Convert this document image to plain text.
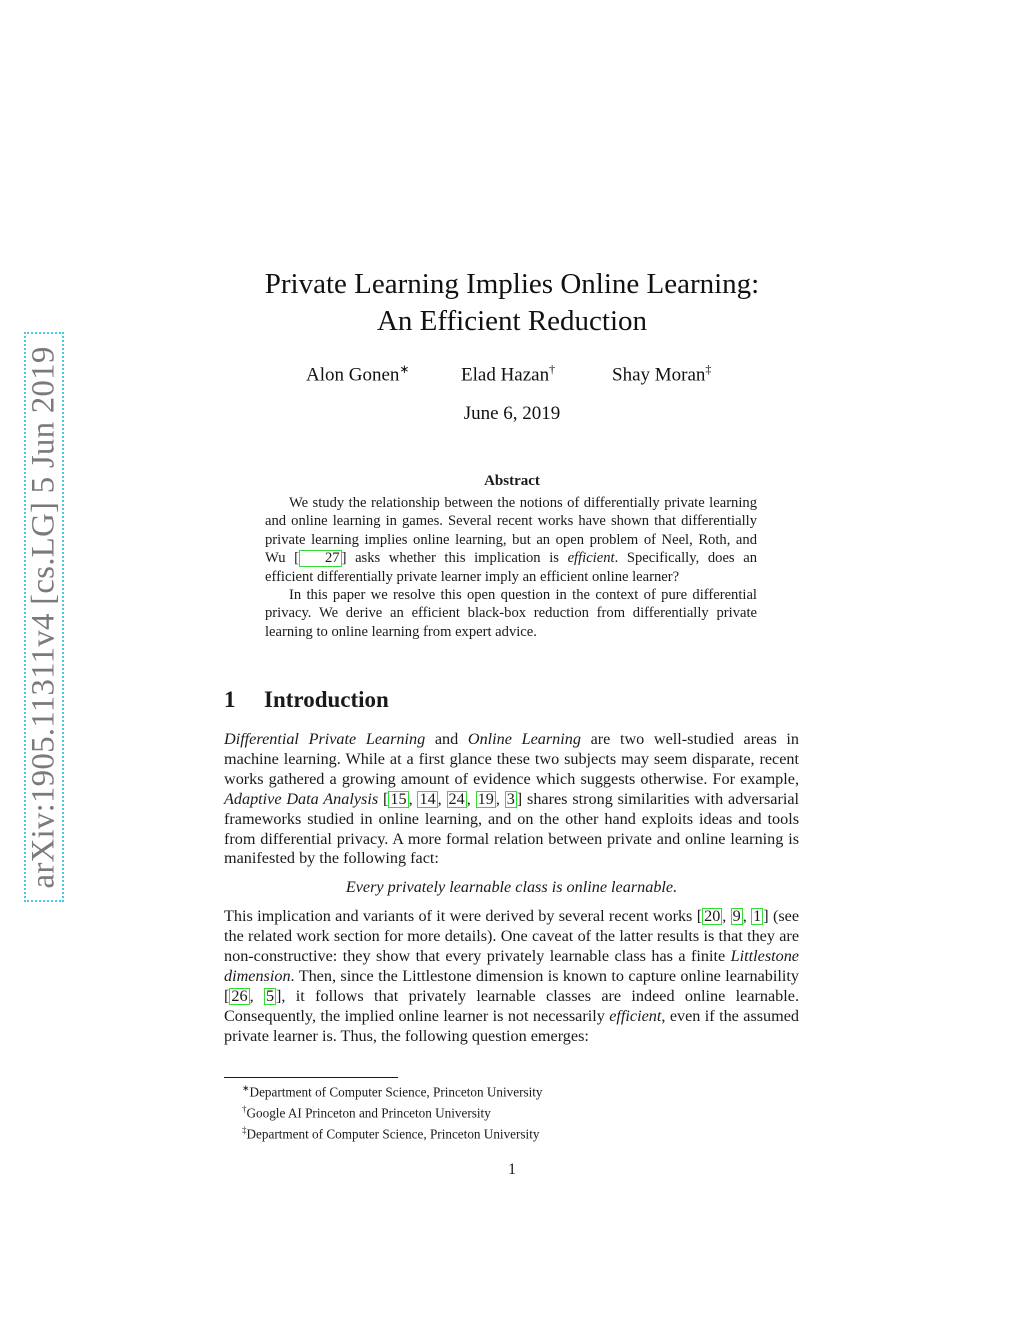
arXiv:1905.11311v4 [cs.LG] 5 Jun 2019
Private Learning Implies Online Learning:
An Efficient Reduction
Alon Gonen∗	Elad Hazan†	Shay Moran‡
June 6, 2019
Abstract

We study the relationship between the notions of differentially private learning and online learning in games. Several recent works have shown that differentially private learning implies online learning, but an open problem of Neel, Roth, and Wu [ 27 ] asks whether this implication is efficient. Specifically, does an efficient differentially private learner imply an efficient online learner?

In this paper we resolve this open question in the context of pure differential privacy. We derive an efficient black-box reduction from differentially private learning to online learning from expert advice.

1 Introduction

Differential Private Learning and Online Learning are two well-studied areas in machine learning. While at a first glance these two subjects may seem disparate, recent works gathered a growing amount of evidence which suggests otherwise. For example, Adaptive Data Analysis [ 15 , 14 , 24 , 19 , 3 ] shares strong similarities with adversarial frameworks studied in online learning, and on the other hand exploits ideas and tools from differential privacy. A more formal relation between private and online learning is manifested by the following fact:

Every privately learnable class is online learnable.

This implication and variants of it were derived by several recent works [ 20 , 9 , 1 ] (see the related work section for more details). One caveat of the latter results is that they are non-constructive: they show that every privately learnable class has a finite Littlestone dimension. Then, since the Littlestone dimension is known to capture online learnability [ 26 , 5 ], it follows that privately learnable classes are indeed online learnable. Consequently, the implied online learner is not necessarily efficient, even if the assumed private learner is. Thus, the following question emerges:

∗Department of Computer Science, Princeton University
†Google AI Princeton and Princeton University
‡Department of Computer Science, Princeton University
1
